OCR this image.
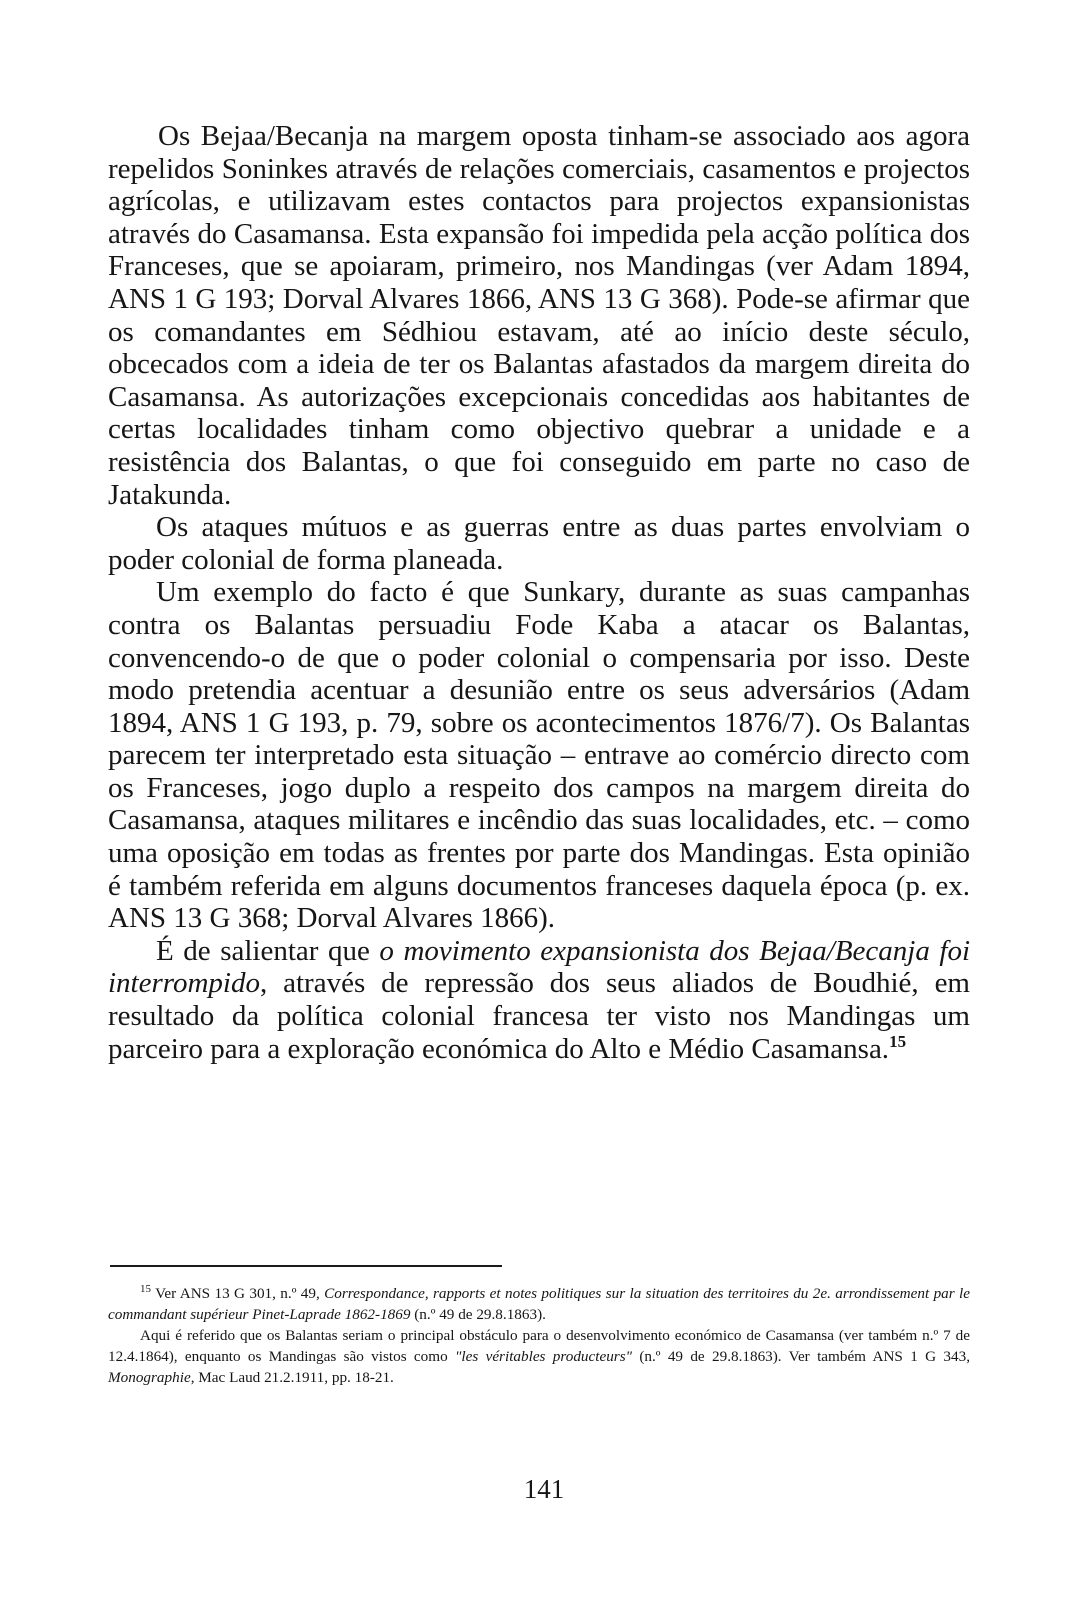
Os Bejaa/Becanja na margem oposta tinham-se associado aos agora repelidos Soninkes através de relações comerciais, casamentos e projectos agrícolas, e utilizavam estes contactos para projectos expansionistas através do Casamansa. Esta expansão foi impedida pela acção política dos Franceses, que se apoiaram, primeiro, nos Mandingas (ver Adam 1894, ANS 1 G 193; Dorval Alvares 1866, ANS 13 G 368). Pode-se afirmar que os comandantes em Sédhiou estavam, até ao início deste século, obcecados com a ideia de ter os Balantas afastados da margem direita do Casamansa. As autorizações excepcionais concedidas aos habitantes de certas localidades tinham como objectivo quebrar a unidade e a resistência dos Balantas, o que foi conseguido em parte no caso de Jatakunda.

Os ataques mútuos e as guerras entre as duas partes envolviam o poder colonial de forma planeada.

Um exemplo do facto é que Sunkary, durante as suas campanhas contra os Balantas persuadiu Fode Kaba a atacar os Balantas, convencendo-o de que o poder colonial o compensaria por isso. Deste modo pretendia acentuar a desunião entre os seus adversários (Adam 1894, ANS 1 G 193, p. 79, sobre os acontecimentos 1876/7). Os Balantas parecem ter interpretado esta situação – entrave ao comércio directo com os Franceses, jogo duplo a respeito dos campos na margem direita do Casamansa, ataques militares e incêndio das suas localidades, etc. – como uma oposição em todas as frentes por parte dos Mandingas. Esta opinião é também referida em alguns documentos franceses daquela época (p. ex. ANS 13 G 368; Dorval Alvares 1866).

É de salientar que o movimento expansionista dos Bejaa/Becanja foi interrompido, através de repressão dos seus aliados de Boudhié, em resultado da política colonial francesa ter visto nos Mandingas um parceiro para a exploração económica do Alto e Médio Casamansa.$^{15}$

$^{15}$ Ver ANS 13 G 301, n.º 49, Correspondance, rapports et notes politiques sur la situation des territoires du 2e. arrondissement par le commandant supérieur Pinet-Laprade 1862-1869 (n.º 49 de 29.8.1863).

Aqui é referido que os Balantas seriam o principal obstáculo para o desenvolvimento económico de Casamansa (ver também n.º 7 de 12.4.1864), enquanto os Mandingas são vistos como "les véritables producteurs" (n.º 49 de 29.8.1863). Ver também ANS 1 G 343, Monographie, Mac Laud 21.2.1911, pp. 18-21.

141
